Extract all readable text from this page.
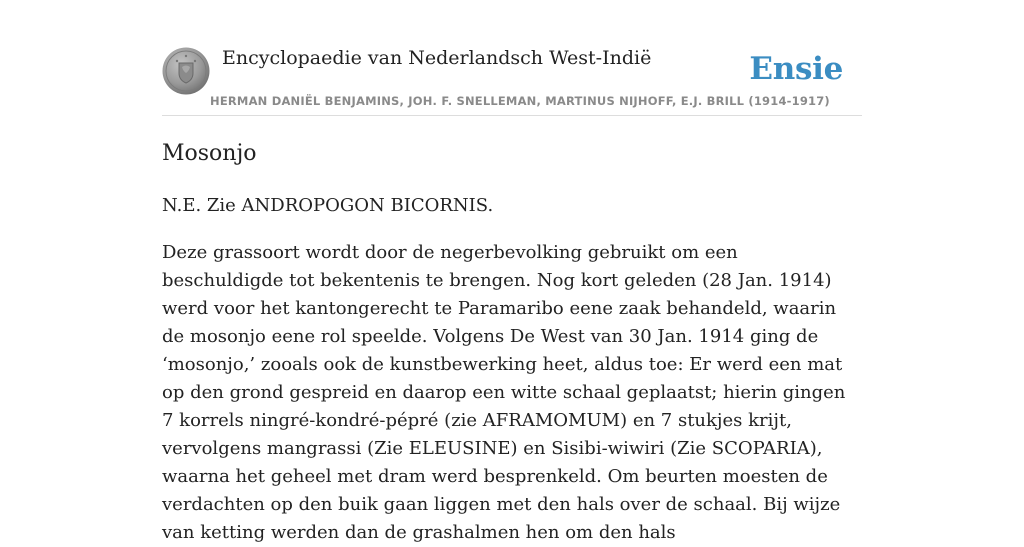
Encyclopaedie van Nederlandsch West-Indië	Ensie
HERMAN DANIËL BENJAMINS, JOH. F. SNELLEMAN, MARTINUS NIJHOFF, E.J. BRILL (1914-1917)
Mosonjo

N.E. Zie ANDROPOGON BICORNIS.

Deze grassoort wordt door de negerbevolking gebruikt om een beschuldigde tot bekentenis te brengen. Nog kort geleden (28 Jan. 1914) werd voor het kantongerecht te Paramaribo eene zaak behandeld, waarin de mosonjo eene rol speelde. Volgens De West van 30 Jan. 1914 ging de ‘mosonjo,’ zooals ook de kunstbewerking heet, aldus toe: Er werd een mat op den grond gespreid en daarop een witte schaal geplaatst; hierin gingen 7 korrels ningré-kondré-pépré (zie AFRAMOMUM) en 7 stukjes krijt, vervolgens mangrassi (Zie ELEUSINE) en Sisibi-wiwiri (Zie SCOPARIA), waarna het geheel met dram werd besprenkeld. Om beurten moesten de verdachten op den buik gaan liggen met den hals over de schaal. Bij wijze van ketting werden dan de grashalmen hen om den hals
